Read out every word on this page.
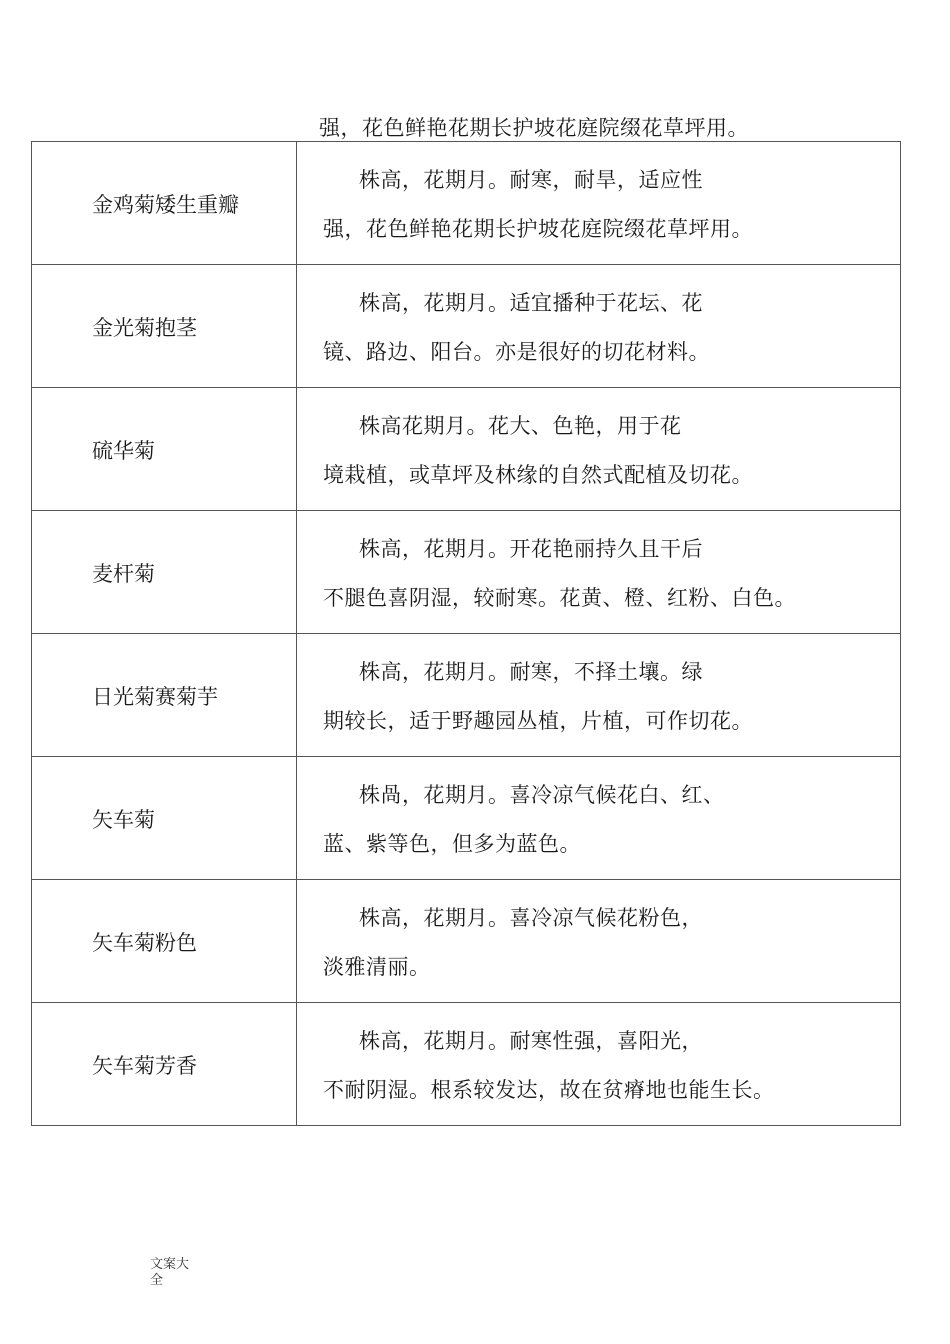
强，花色鲜艳花期长护坡花庭院缀花草坪用。
金鸡菊矮生重瓣	株高，花期月。耐寒，耐旱，适应性
强，花色鲜艳花期长护坡花庭院缀花草坪用。

金光菊抱茎	株高，花期月。适宜播种于花坛、花
镜、路边、阳台。亦是很好的切花材料。

硫华菊	株高花期月。花大、色艳，用于花
境栽植，或草坪及林缘的自然式配植及切花。

麦杆菊	株高，花期月。开花艳丽持久且干后
不腿色喜阴湿，较耐寒。花黄、橙、红粉、白色。

日光菊赛菊芋	株高，花期月。耐寒，不择土壤。绿
期较长，适于野趣园丛植，片植，可作切花。

矢车菊	株咼，花期月。喜冷凉气候花白、红、
蓝、紫等色，但多为蓝色。

矢车菊粉色	株高，花期月。喜冷凉气候花粉色，
淡雅清丽。

矢车菊芳香	株高，花期月。耐寒性强，喜阳光，
不耐阴湿。根系较发达，故在贫瘠地也能生长。
文案大全
